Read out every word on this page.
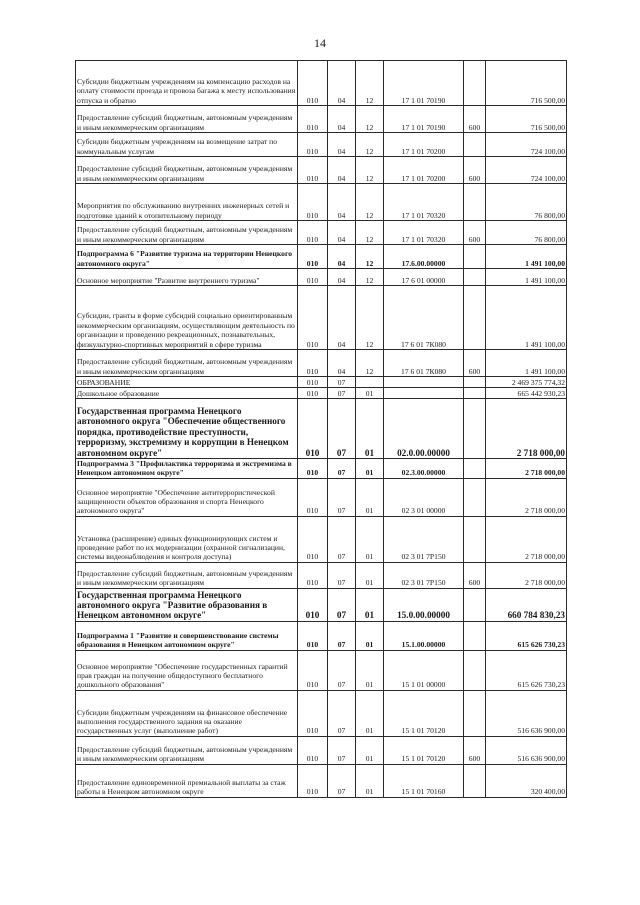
14
Субсидии бюджетным учреждениям на компенсацию расходов на оплату стоимости проезда и провоза багажа к месту использования отпуска и обратно	010	04	12	17 1 01 70190		716 500,00
Предоставление субсидий бюджетным, автономным учреждениям и иным некоммерческим организациям	010	04	12	17 1 01 70190	600	716 500,00
Субсидии бюджетным учреждениям на возмещение затрат по коммунальным услугам	010	04	12	17 1 01 70200		724 100,00
Предоставление субсидий бюджетным, автономным учреждениям и иным некоммерческим организациям	010	04	12	17 1 01 70200	600	724 100,00
Мероприятия по обслуживанию внутренних инженерных сетей и подготовке зданий к отопительному периоду	010	04	12	17 1 01 70320		76 800,00
Предоставление субсидий бюджетным, автономным учреждениям и иным некоммерческим организациям	010	04	12	17 1 01 70320	600	76 800,00
Подпрограмма 6 "Развитие туризма на территории Ненецкого автономного округа"	010	04	12	17.6.00.00000		1 491 100,00
Основное мероприятие "Развитие внутреннего туризма"	010	04	12	17 6 01 00000		1 491 100,00
Субсидии, гранты в форме субсидий социально ориентированным некоммерческим организациям, осуществляющим деятельность по организации и проведению рекреационных, познавательных, физкультурно-спортивных мероприятий в сфере туризма	010	04	12	17 6 01 7К080		1 491 100,00
Предоставление субсидий бюджетным, автономным учреждениям и иным некоммерческим организациям	010	04	12	17 6 01 7К080	600	1 491 100,00
ОБРАЗОВАНИЕ	010	07				2 469 375 774,32
Дошкольное образование	010	07	01			665 442 930,23
Государственная программа Ненецкого автономного округа "Обеспечение общественного порядка, противодействие преступности, терроризму, экстремизму и коррупции в Ненецком автономном округе"	010	07	01	02.0.00.00000		2 718 000,00
Подпрограмма 3 "Профилактика терроризма и экстремизма в Ненецком автономном округе"	010	07	01	02.3.00.00000		2 718 000,00
Основное мероприятие "Обеспечение антитеррористической защищенности объектов образования и спорта Ненецкого автономного округа"	010	07	01	02 3 01 00000		2 718 000,00
Установка (расширение) единых функционирующих систем и проведение работ по их модернизации (охранной сигнализации, системы видеонаблюдения и контроля доступа)	010	07	01	02 3 01 7Р150		2 718 000,00
Предоставление субсидий бюджетным, автономным учреждениям и иным некоммерческим организациям	010	07	01	02 3 01 7Р150	600	2 718 000,00
Государственная программа Ненецкого автономного округа "Развитие образования в Ненецком автономном округе"	010	07	01	15.0.00.00000		660 784 830,23
Подпрограмма 1 "Развитие и совершенствование системы образования в Ненецком автономном округе"	010	07	01	15.1.00.00000		615 626 730,23
Основное мероприятие "Обеспечение государственных гарантий прав граждан на получение общедоступного бесплатного дошкольного образования"	010	07	01	15 1 01 00000		615 626 730,23
Субсидии бюджетным учреждениям на финансовое обеспечение выполнения государственного задания на оказание государственных услуг (выполнение работ)	010	07	01	15 1 01 70120		516 636 900,00
Предоставление субсидий бюджетным, автономным учреждениям и иным некоммерческим организациям	010	07	01	15 1 01 70120	600	516 636 900,00
Предоставление единовременной премиальной выплаты за стаж работы в Ненецком автономном округе	010	07	01	15 1 01 70160		320 400,00
